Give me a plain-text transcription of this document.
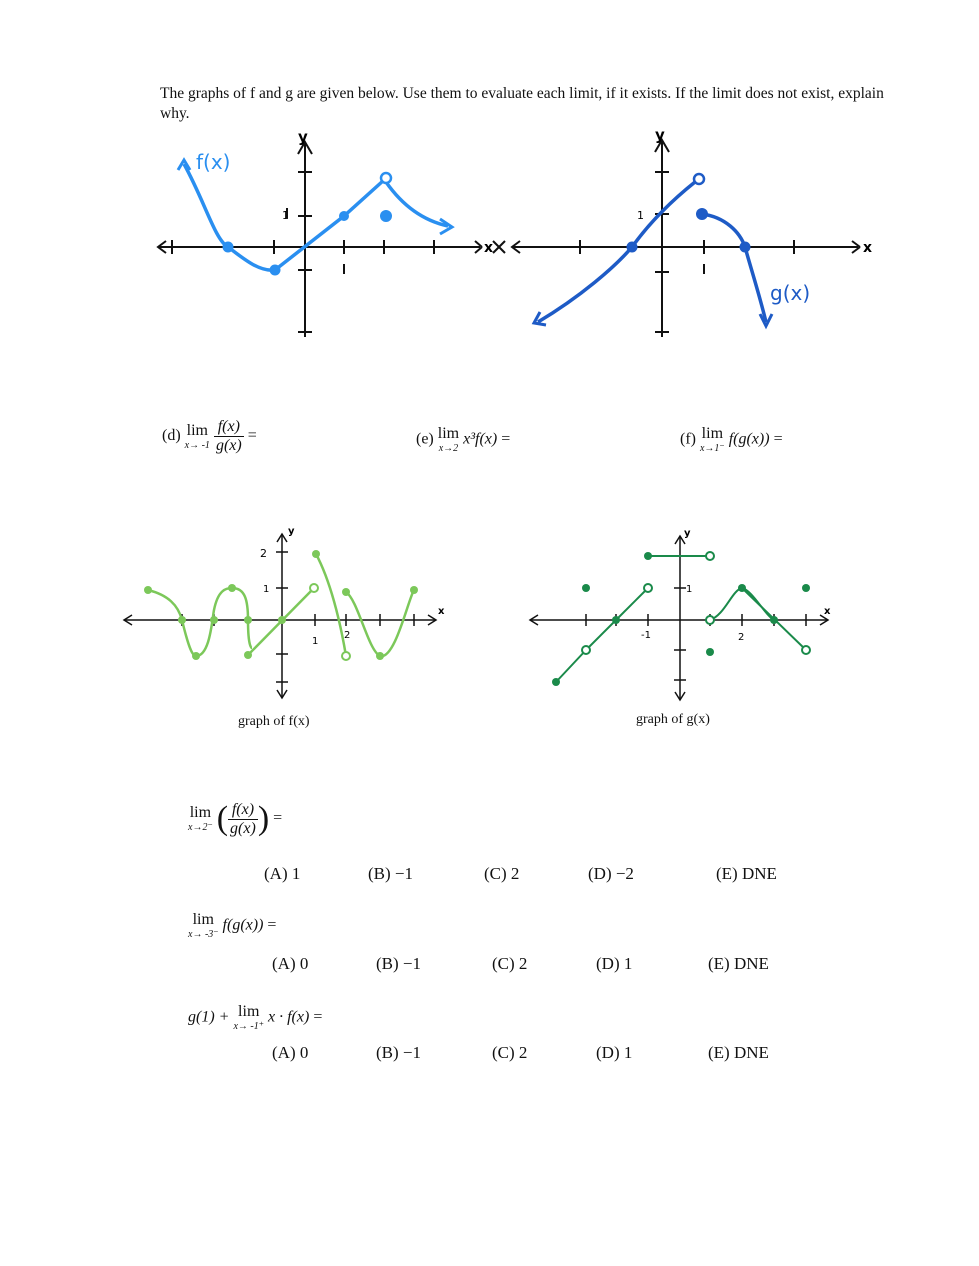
The graphs of f and g are given below. Use them to evaluate each limit, if it exists. If the limit does not exist, explain why.
y
x
1
f(x)
y
x
1
g(x)
(d) lim
x→ -1
$\frac{f(x)}{g(x)}$ =	(e) lim
x→2
x³f(x) =	(f) lim
x→1⁻
f(g(x)) =
y
x
2
1
1
2
y
x
1
-1	2
graph of f(x)	graph of g(x)
lim
x→2⁻ ( $\frac{f(x)}{g(x)}$ ) =
(A) 1	(B) −1	(C) 2	(D) −2	(E) DNE
lim
x→ -3⁻
f(g(x)) =
(A) 0	(B) −1	(C) 2	(D) 1	(E) DNE
g(1) + lim
x→ -1⁺
x · f(x) =
(A) 0	(B) −1	(C) 2	(D) 1	(E) DNE
